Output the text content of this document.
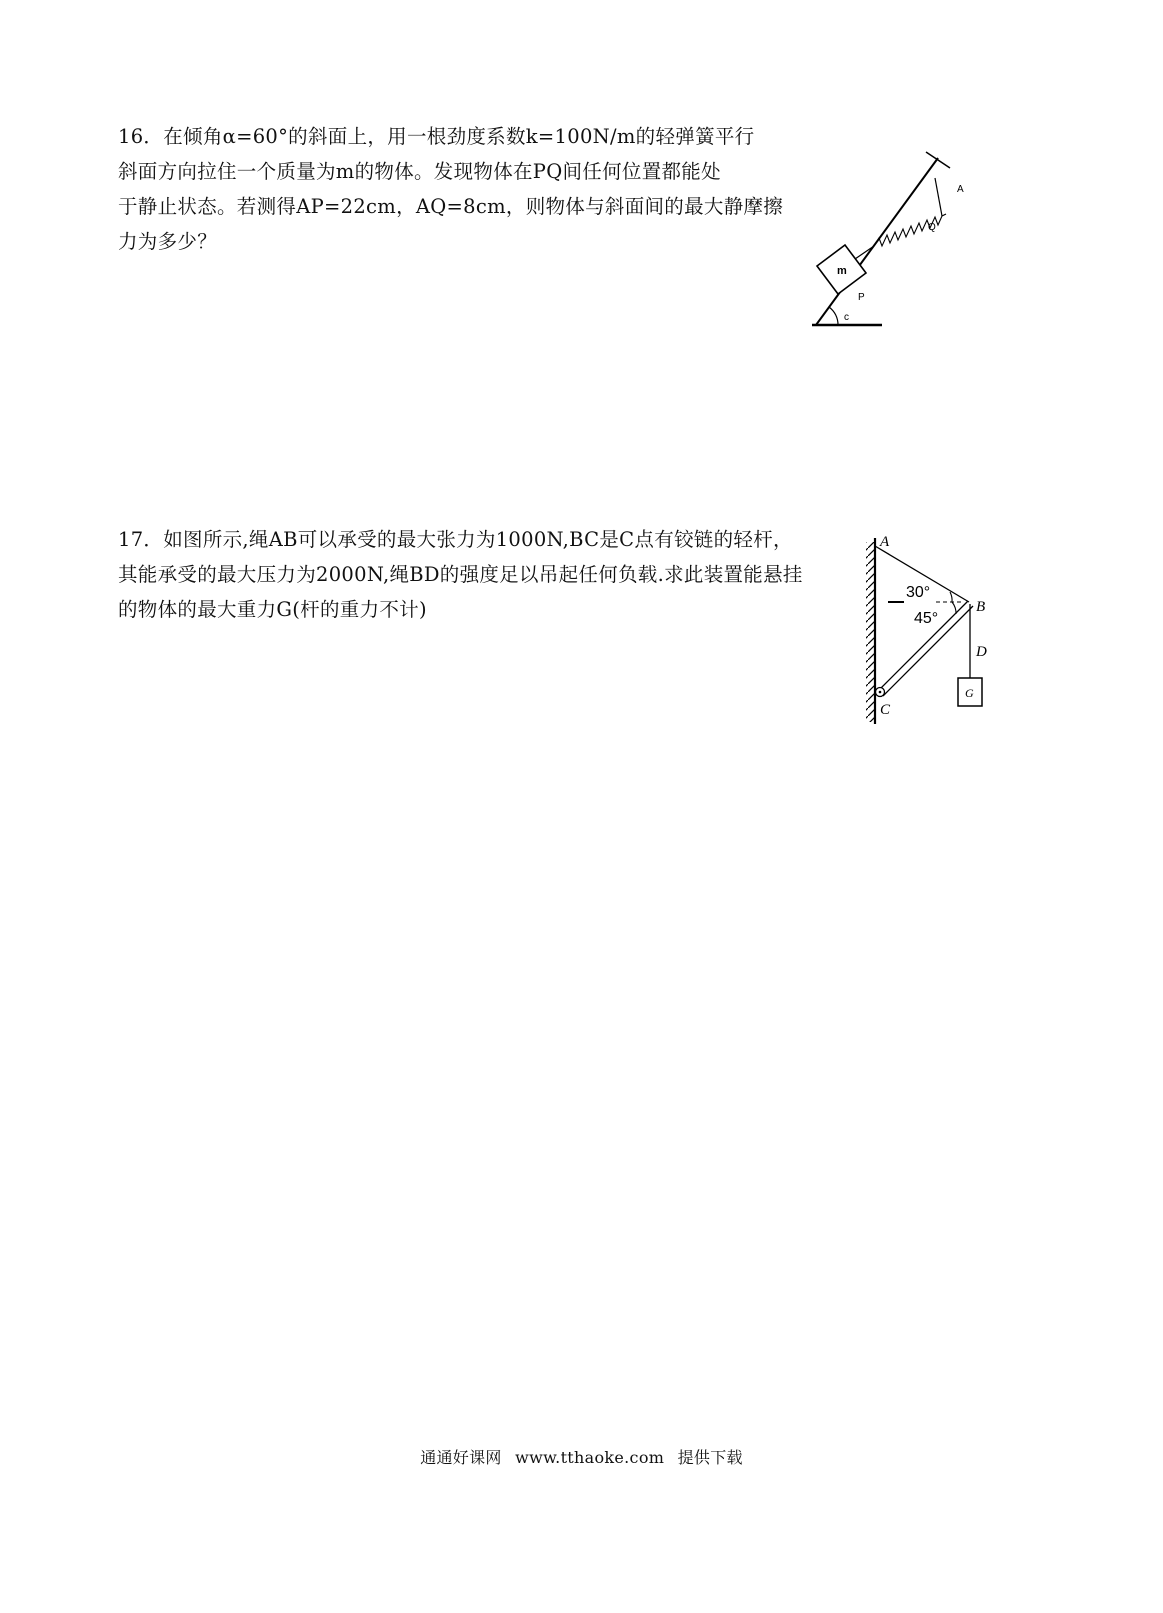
16．在倾角α=60°的斜面上，用一根劲度系数k=100N/m的轻弹簧平行

斜面方向拉住一个质量为m的物体。发现物体在PQ间任何位置都能处

于静止状态。若测得AP=22cm，AQ=8cm，则物体与斜面间的最大静摩擦

力为多少？

c
m
P
A
Q

17．如图所示,绳AB可以承受的最大张力为1000N,BC是C点有铰链的轻杆，

其能承受的最大压力为2000N,绳BD的强度足以吊起任何负载.求此装置能悬挂

的物体的最大重力G(杆的重力不计)

30°
45°
G
A
B
C
D
通通好课网 www.tthaoke.com 提供下载
